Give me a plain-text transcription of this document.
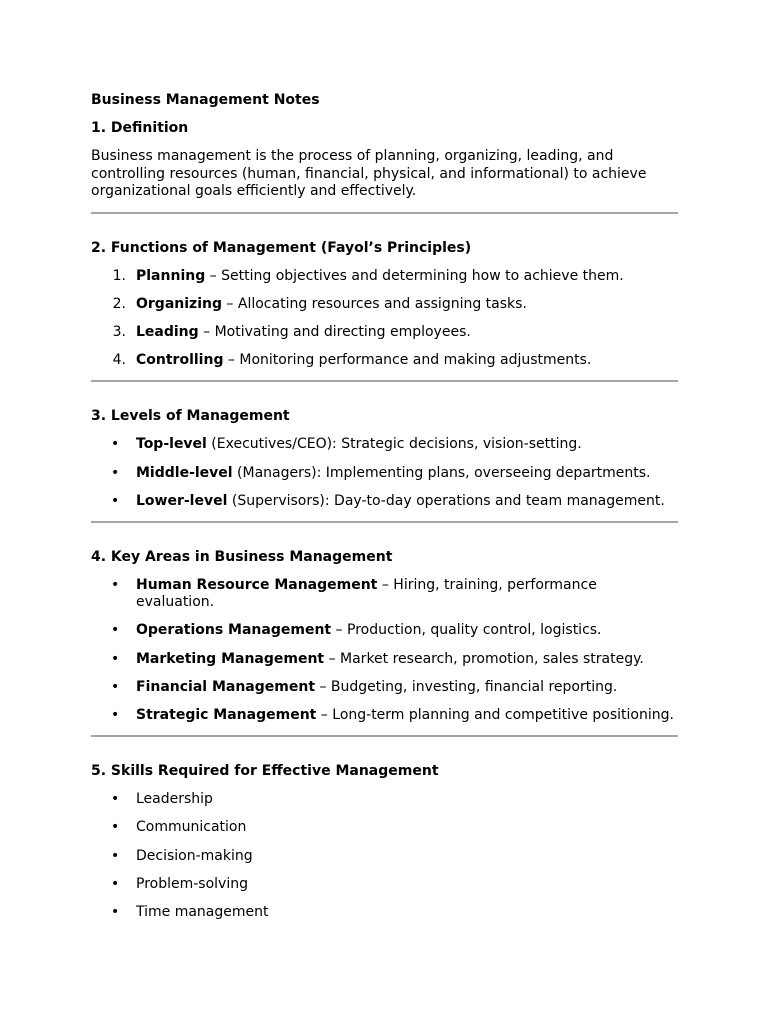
Business Management Notes
1. Definition
Business management is the process of planning, organizing, leading, and controlling resources (human, financial, physical, and informational) to achieve organizational goals efficiently and effectively.
2. Functions of Management (Fayol’s Principles)
1. Planning – Setting objectives and determining how to achieve them.
2. Organizing – Allocating resources and assigning tasks.
3. Leading – Motivating and directing employees.
4. Controlling – Monitoring performance and making adjustments.
3. Levels of Management
• Top-level (Executives/CEO): Strategic decisions, vision-setting.
• Middle-level (Managers): Implementing plans, overseeing departments.
• Lower-level (Supervisors): Day-to-day operations and team management.
4. Key Areas in Business Management
• Human Resource Management – Hiring, training, performance evaluation.
• Operations Management – Production, quality control, logistics.
• Marketing Management – Market research, promotion, sales strategy.
• Financial Management – Budgeting, investing, financial reporting.
• Strategic Management – Long-term planning and competitive positioning.
5. Skills Required for Effective Management
• Leadership
• Communication
• Decision-making
• Problem-solving
• Time management
